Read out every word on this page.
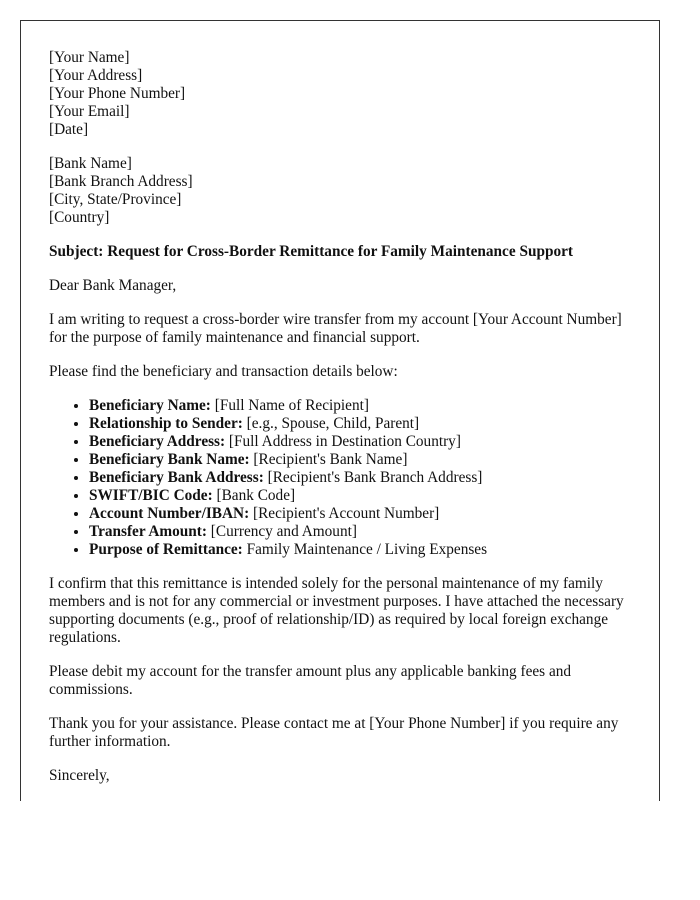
[Your Name]
[Your Address]
[Your Phone Number]
[Your Email]
[Date]
[Bank Name]
[Bank Branch Address]
[City, State/Province]
[Country]

Subject: Request for Cross-Border Remittance for Family Maintenance Support

Dear Bank Manager,

I am writing to request a cross-border wire transfer from my account [Your Account Number] for the purpose of family maintenance and financial support.

Please find the beneficiary and transaction details below:

• Beneficiary Name: [Full Name of Recipient]
• Relationship to Sender: [e.g., Spouse, Child, Parent]
• Beneficiary Address: [Full Address in Destination Country]
• Beneficiary Bank Name: [Recipient's Bank Name]
• Beneficiary Bank Address: [Recipient's Bank Branch Address]
• SWIFT/BIC Code: [Bank Code]
• Account Number/IBAN: [Recipient's Account Number]
• Transfer Amount: [Currency and Amount]
• Purpose of Remittance: Family Maintenance / Living Expenses

I confirm that this remittance is intended solely for the personal maintenance of my family members and is not for any commercial or investment purposes. I have attached the necessary supporting documents (e.g., proof of relationship/ID) as required by local foreign exchange regulations.

Please debit my account for the transfer amount plus any applicable banking fees and commissions.

Thank you for your assistance. Please contact me at [Your Phone Number] if you require any further information.

Sincerely,
